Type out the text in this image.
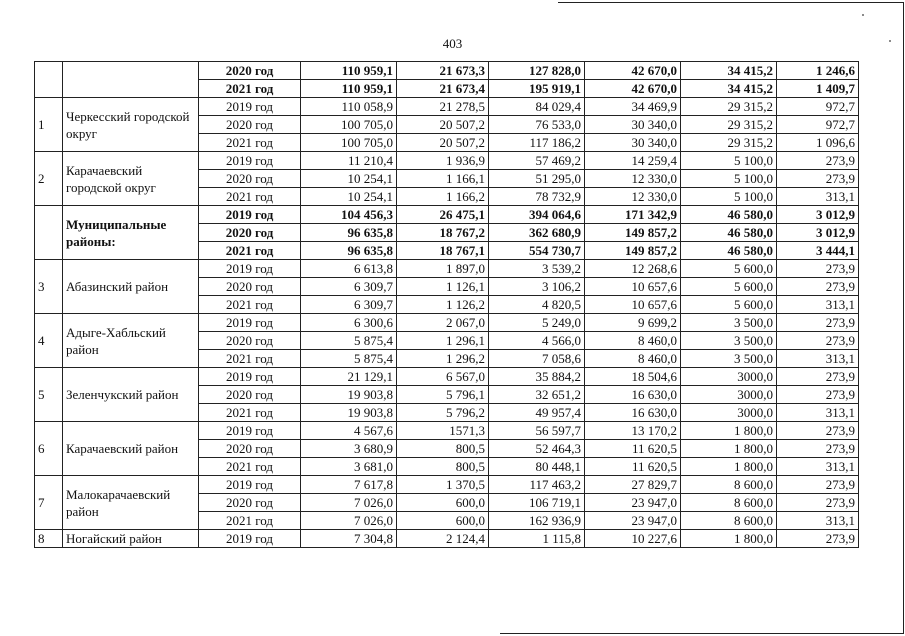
403
		2020 год	110 959,1	21 673,3	127 828,0	42 670,0	34 415,2	1 246,6
		2021 год	110 959,1	21 673,4	195 919,1	42 670,0	34 415,2	1 409,7
1	Черкесский городской округ	2019 год	110 058,9	21 278,5	84 029,4	34 469,9	29 315,2	972,7
		2020 год	100 705,0	20 507,2	76 533,0	30 340,0	29 315,2	972,7
		2021 год	100 705,0	20 507,2	117 186,2	30 340,0	29 315,2	1 096,6
2	Карачаевский городской округ	2019 год	11 210,4	1 936,9	57 469,2	14 259,4	5 100,0	273,9
		2020 год	10 254,1	1 166,1	51 295,0	12 330,0	5 100,0	273,9
		2021 год	10 254,1	1 166,2	78 732,9	12 330,0	5 100,0	313,1
	Муниципальные районы:	2019 год	104 456,3	26 475,1	394 064,6	171 342,9	46 580,0	3 012,9
		2020 год	96 635,8	18 767,2	362 680,9	149 857,2	46 580,0	3 012,9
		2021 год	96 635,8	18 767,1	554 730,7	149 857,2	46 580,0	3 444,1
3	Абазинский район	2019 год	6 613,8	1 897,0	3 539,2	12 268,6	5 600,0	273,9
		2020 год	6 309,7	1 126,1	3 106,2	10 657,6	5 600,0	273,9
		2021 год	6 309,7	1 126,2	4 820,5	10 657,6	5 600,0	313,1
4	Адыге-Хабльский район	2019 год	6 300,6	2 067,0	5 249,0	9 699,2	3 500,0	273,9
		2020 год	5 875,4	1 296,1	4 566,0	8 460,0	3 500,0	273,9
		2021 год	5 875,4	1 296,2	7 058,6	8 460,0	3 500,0	313,1
5	Зеленчукский район	2019 год	21 129,1	6 567,0	35 884,2	18 504,6	3000,0	273,9
		2020 год	19 903,8	5 796,1	32 651,2	16 630,0	3000,0	273,9
		2021 год	19 903,8	5 796,2	49 957,4	16 630,0	3000,0	313,1
6	Карачаевский район	2019 год	4 567,6	1571,3	56 597,7	13 170,2	1 800,0	273,9
		2020 год	3 680,9	800,5	52 464,3	11 620,5	1 800,0	273,9
		2021 год	3 681,0	800,5	80 448,1	11 620,5	1 800,0	313,1
7	Малокарачаевский район	2019 год	7 617,8	1 370,5	117 463,2	27 829,7	8 600,0	273,9
		2020 год	7 026,0	600,0	106 719,1	23 947,0	8 600,0	273,9
		2021 год	7 026,0	600,0	162 936,9	23 947,0	8 600,0	313,1
8	Ногайский район	2019 год	7 304,8	2 124,4	1 115,8	10 227,6	1 800,0	273,9
